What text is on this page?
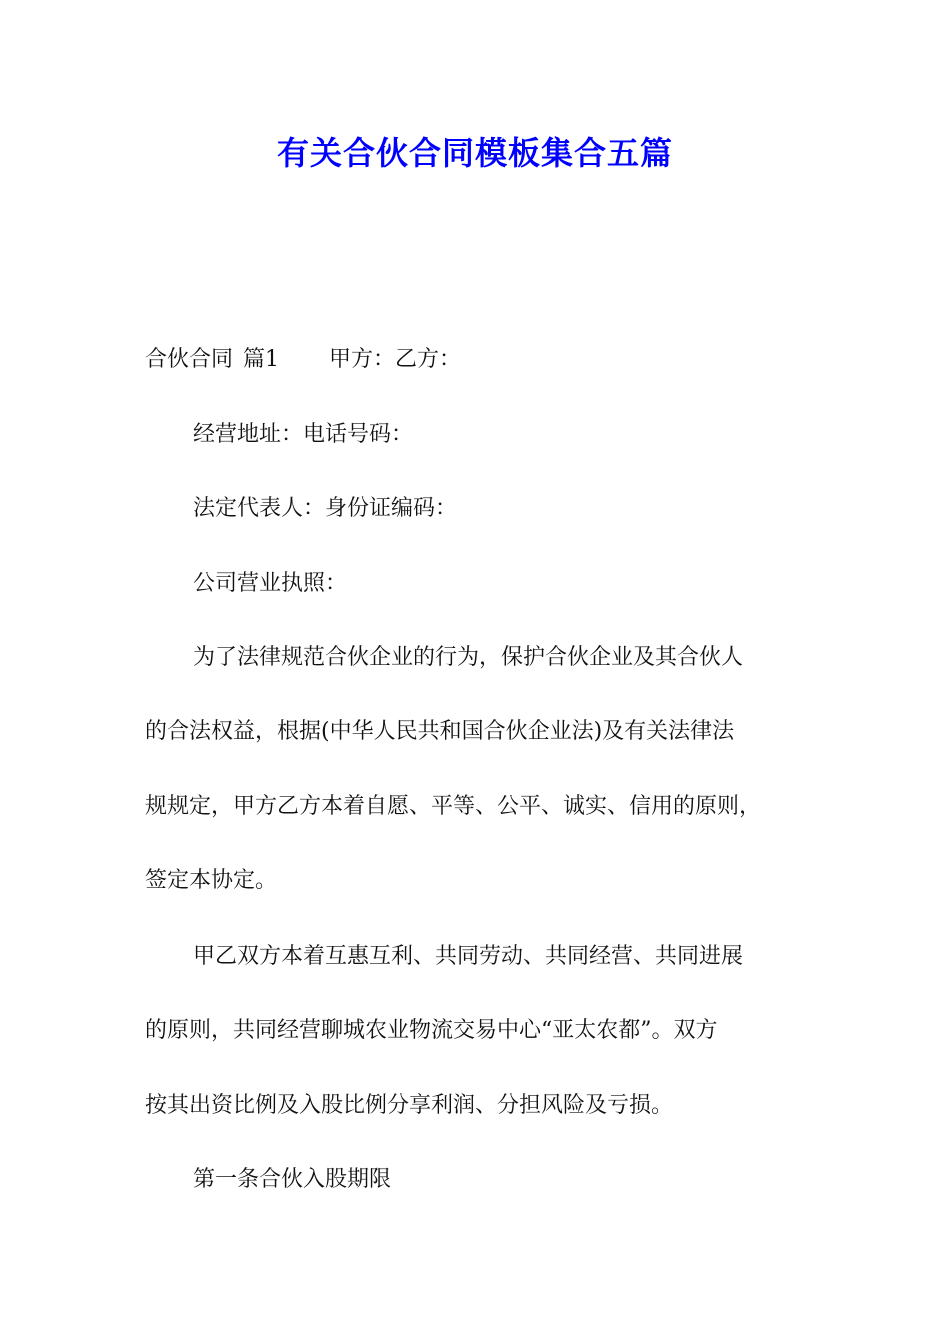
有关合伙合同模板集合五篇

合伙合同 篇1 甲方：乙方：

经营地址：电话号码：

法定代表人：身份证编码：

公司营业执照：

为了法律规范合伙企业的行为，保护合伙企业及其合伙人

的合法权益，根据(中华人民共和国合伙企业法)及有关法律法

规规定，甲方乙方本着自愿、平等、公平、诚实、信用的原则，

签定本协定。

甲乙双方本着互惠互利、共同劳动、共同经营、共同进展

的原则，共同经营聊城农业物流交易中心“亚太农都”。双方

按其出资比例及入股比例分享利润、分担风险及亏损。

第一条合伙入股期限
